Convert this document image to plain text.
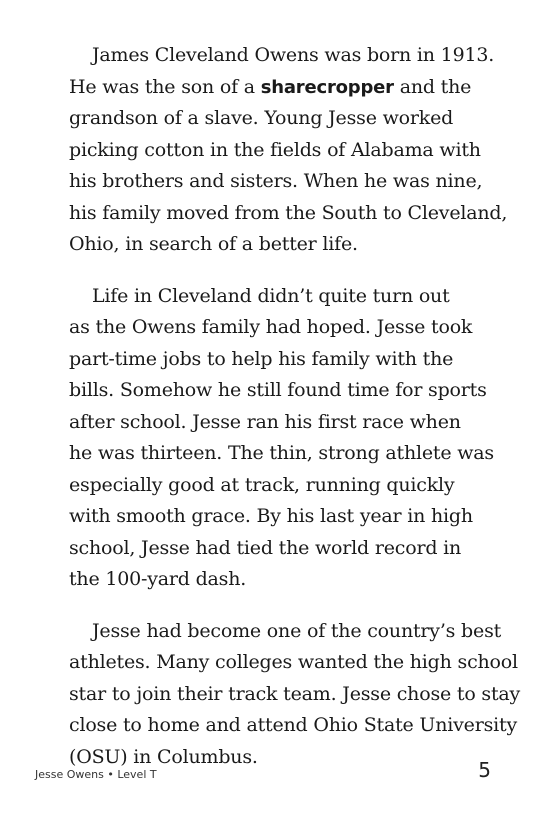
James Cleveland Owens was born in 1913.
He was the son of a sharecropper and the
grandson of a slave. Young Jesse worked
picking cotton in the fields of Alabama with
his brothers and sisters. When he was nine,
his family moved from the South to Cleveland,
Ohio, in search of a better life.

Life in Cleveland didn’t quite turn out
as the Owens family had hoped. Jesse took
part-time jobs to help his family with the
bills. Somehow he still found time for sports
after school. Jesse ran his first race when
he was thirteen. The thin, strong athlete was
especially good at track, running quickly
with smooth grace. By his last year in high
school, Jesse had tied the world record in
the 100-yard dash.

Jesse had become one of the country’s best
athletes. Many colleges wanted the high school
star to join their track team. Jesse chose to stay
close to home and attend Ohio State University
(OSU) in Columbus.

Jesse Owens • Level T	5
